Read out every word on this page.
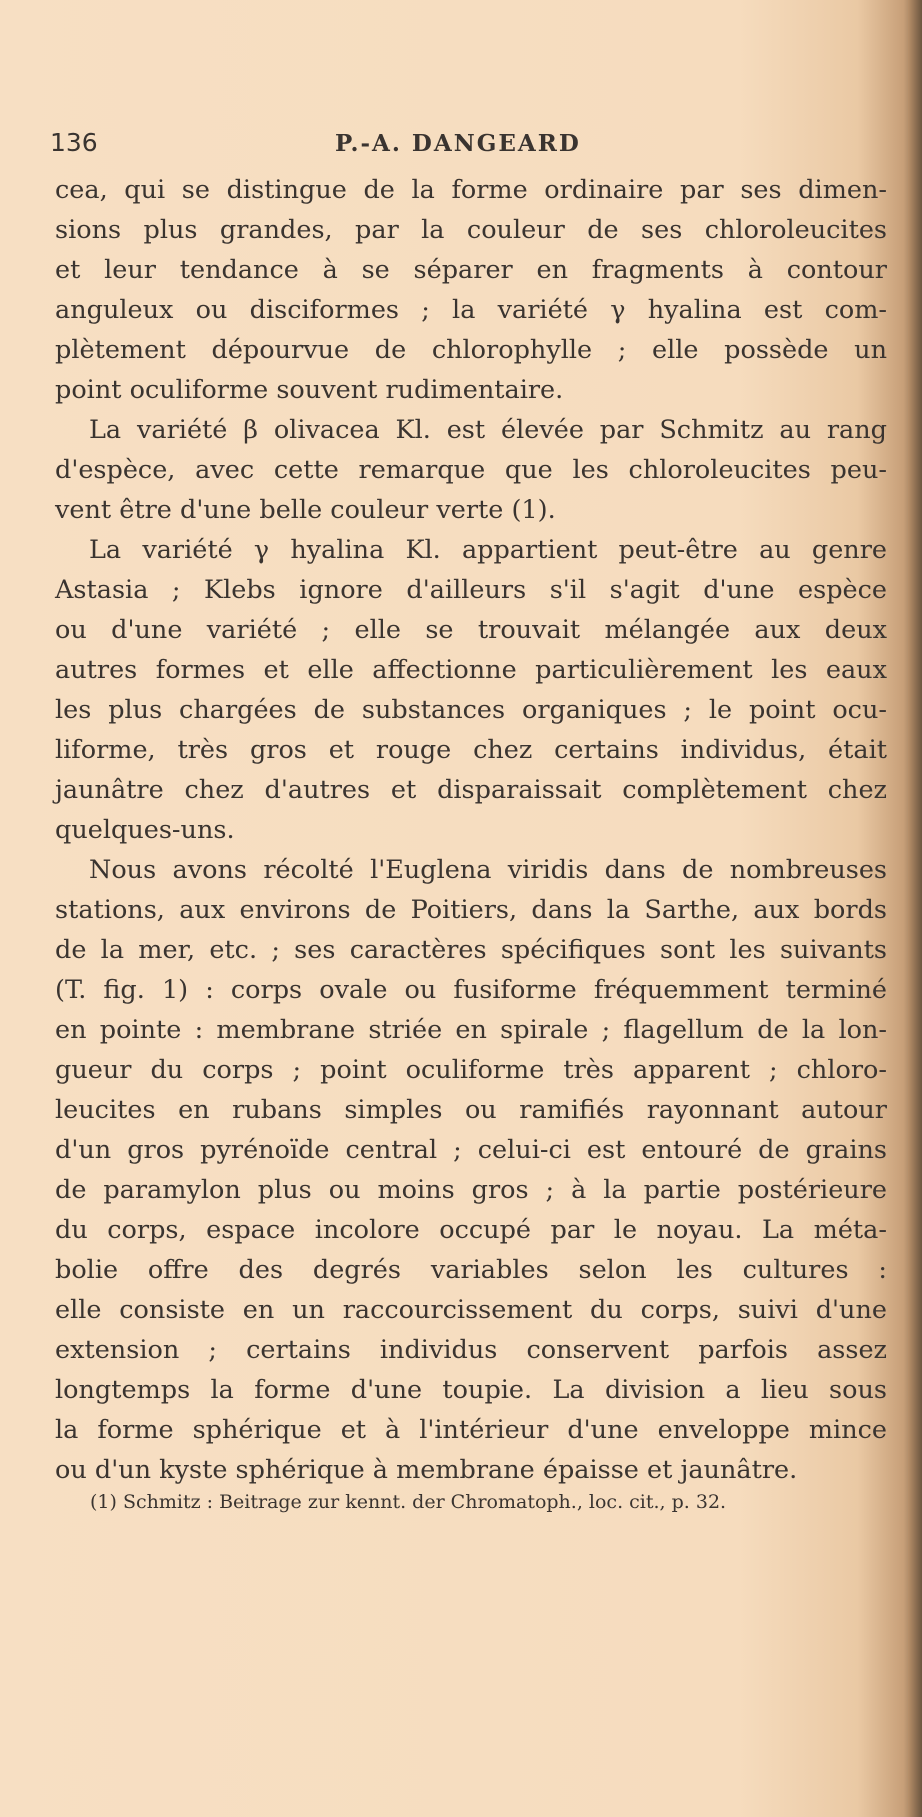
136	P.-A. DANGEARD
cea, qui se distingue de la forme ordinaire par ses dimen-
sions plus grandes, par la couleur de ses chloroleucites
et leur tendance à se séparer en fragments à contour
anguleux ou disciformes ; la variété γ hyalina est com-
plètement dépourvue de chlorophylle ; elle possède un
point oculiforme souvent rudimentaire.
La variété β olivacea Kl. est élevée par Schmitz au rang
d'espèce, avec cette remarque que les chloroleucites peu-
vent être d'une belle couleur verte (1).
La variété γ hyalina Kl. appartient peut-être au genre
Astasia ; Klebs ignore d'ailleurs s'il s'agit d'une espèce
ou d'une variété ; elle se trouvait mélangée aux deux
autres formes et elle affectionne particulièrement les eaux
les plus chargées de substances organiques ; le point ocu-
liforme, très gros et rouge chez certains individus, était
jaunâtre chez d'autres et disparaissait complètement chez
quelques-uns.
Nous avons récolté l'Euglena viridis dans de nombreuses
stations, aux environs de Poitiers, dans la Sarthe, aux bords
de la mer, etc. ; ses caractères spécifiques sont les suivants
(T. fig. 1) : corps ovale ou fusiforme fréquemment terminé
en pointe : membrane striée en spirale ; flagellum de la lon-
gueur du corps ; point oculiforme très apparent ; chloro-
leucites en rubans simples ou ramifiés rayonnant autour
d'un gros pyrénoïde central ; celui-ci est entouré de grains
de paramylon plus ou moins gros ; à la partie postérieure
du corps, espace incolore occupé par le noyau. La méta-
bolie offre des degrés variables selon les cultures :
elle consiste en un raccourcissement du corps, suivi d'une
extension ; certains individus conservent parfois assez
longtemps la forme d'une toupie. La division a lieu sous
la forme sphérique et à l'intérieur d'une enveloppe mince
ou d'un kyste sphérique à membrane épaisse et jaunâtre.
(1) Schmitz : Beitrage zur kennt. der Chromatoph., loc. cit., p. 32.
